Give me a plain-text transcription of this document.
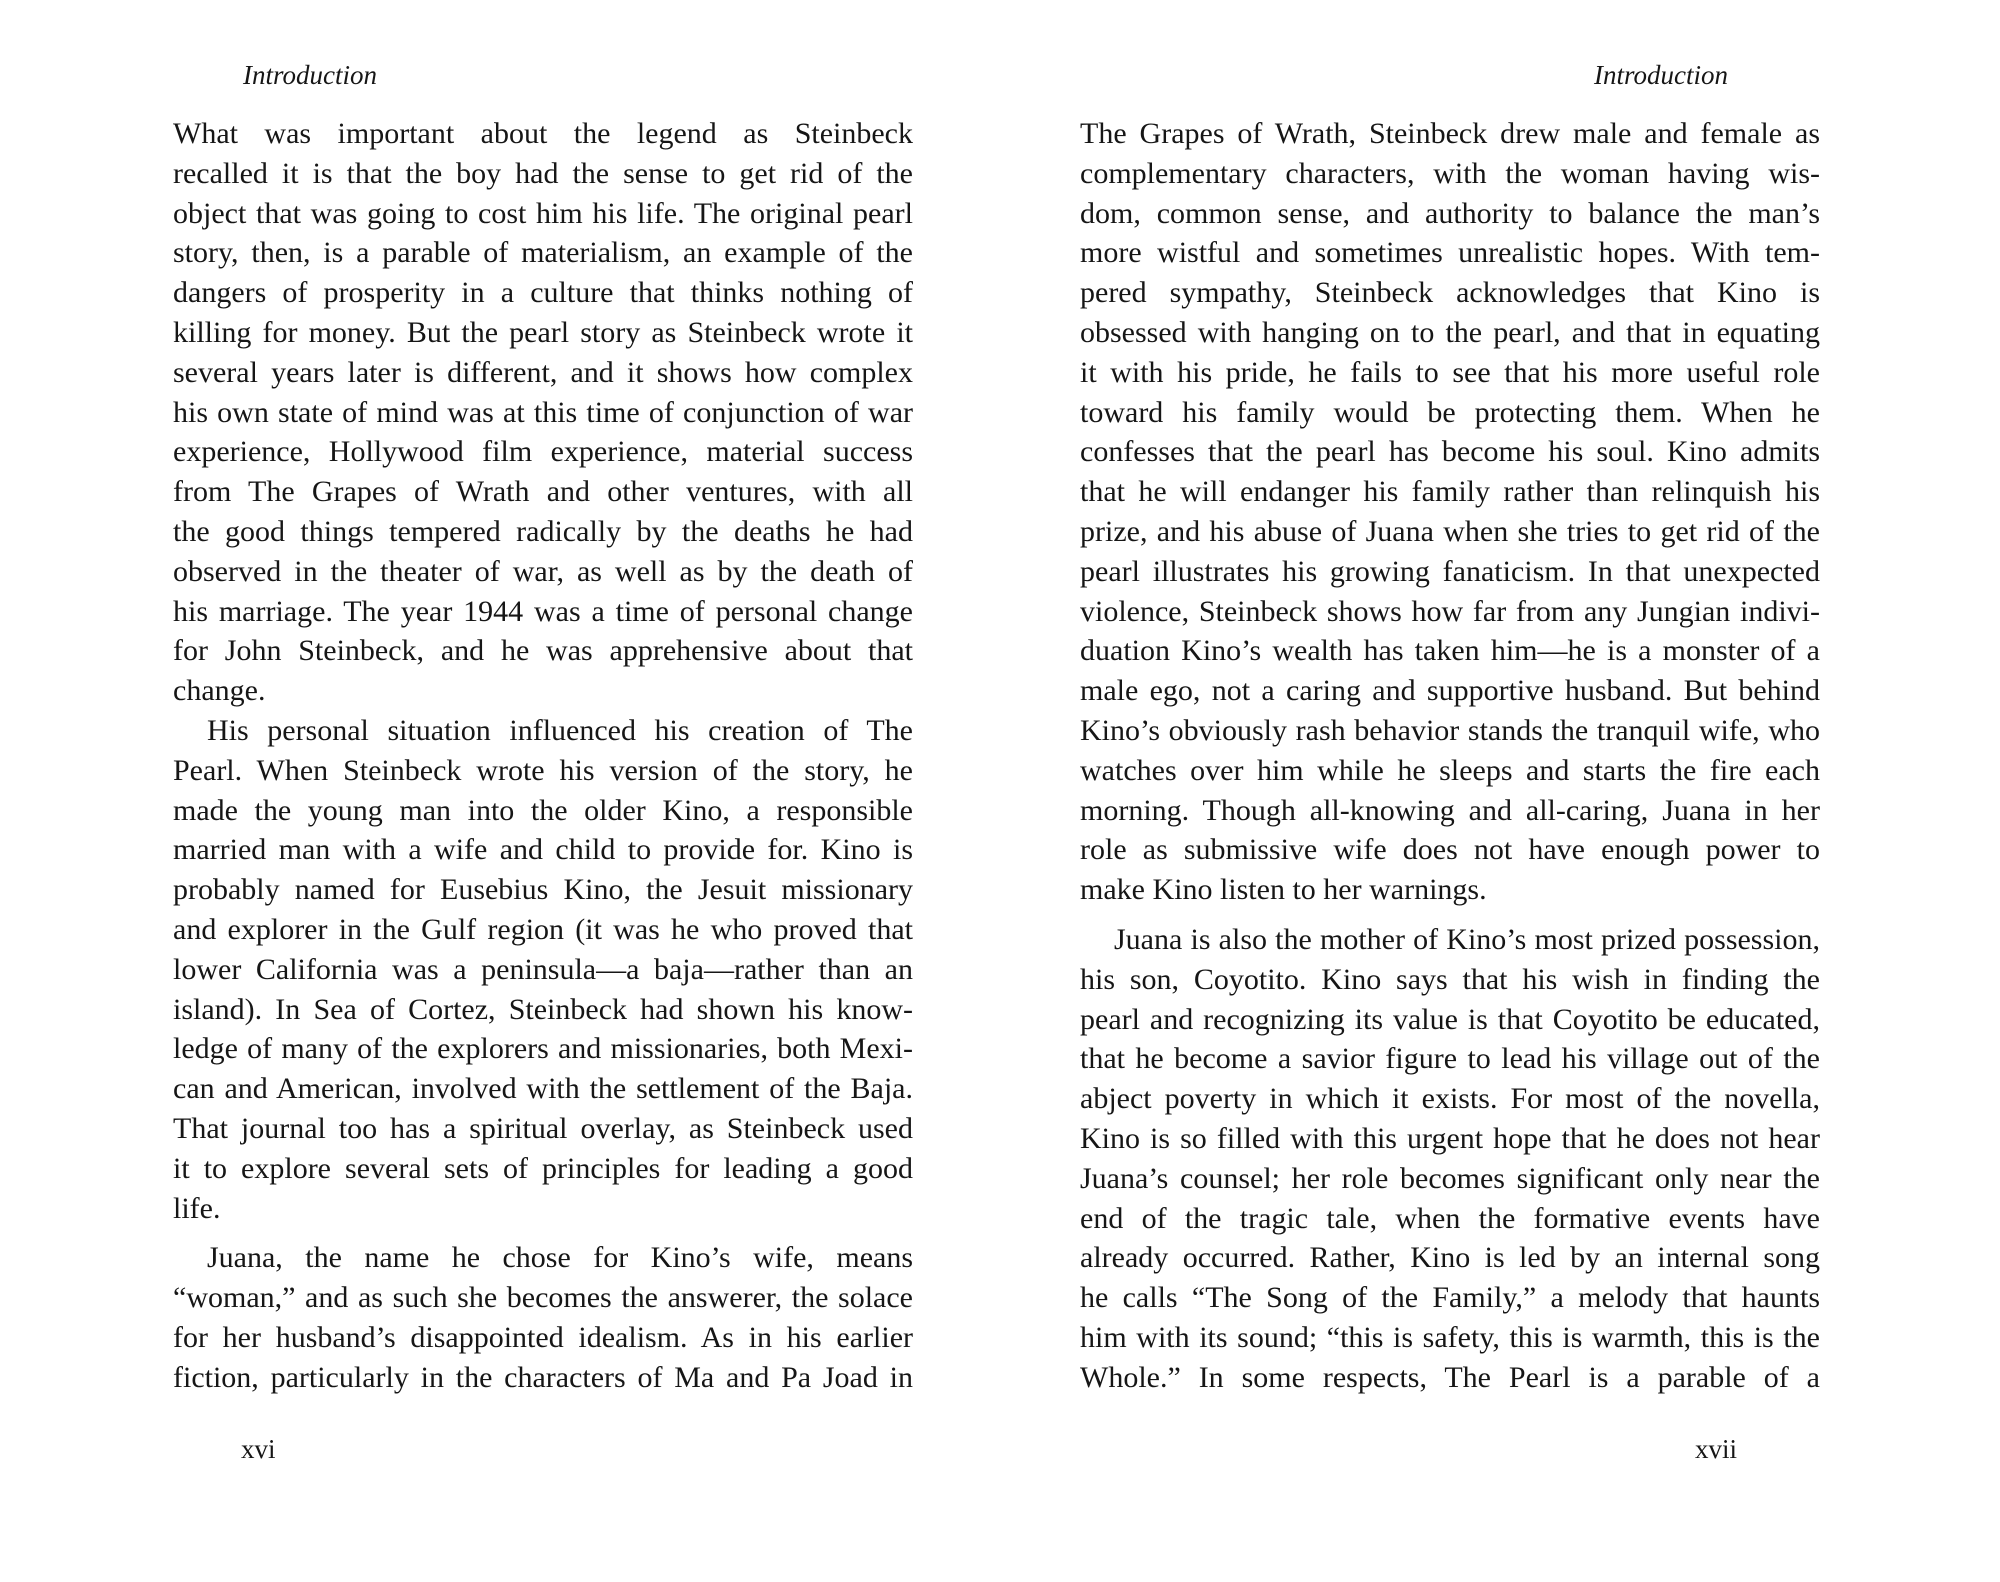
Introduction
What was important about the legend as Steinbeck
recalled it is that the boy had the sense to get rid of the
object that was going to cost him his life. The original pearl
story, then, is a parable of materialism, an example of the
dangers of prosperity in a culture that thinks nothing of
killing for money. But the pearl story as Steinbeck wrote it
several years later is different, and it shows how complex
his own state of mind was at this time of conjunction of war
experience, Hollywood film experience, material success
from The Grapes of Wrath and other ventures, with all
the good things tempered radically by the deaths he had
observed in the theater of war, as well as by the death of
his marriage. The year 1944 was a time of personal change
for John Steinbeck, and he was apprehensive about that
change.
His personal situation influenced his creation of The
Pearl. When Steinbeck wrote his version of the story, he
made the young man into the older Kino, a responsible
married man with a wife and child to provide for. Kino is
probably named for Eusebius Kino, the Jesuit missionary
and explorer in the Gulf region (it was he who proved that
lower California was a peninsula—a baja—rather than an
island). In Sea of Cortez, Steinbeck had shown his know-
ledge of many of the explorers and missionaries, both Mexi-
can and American, involved with the settlement of the Baja.
That journal too has a spiritual overlay, as Steinbeck used
it to explore several sets of principles for leading a good
life.
Juana, the name he chose for Kino’s wife, means
“woman,” and as such she becomes the answerer, the solace
for her husband’s disappointed idealism. As in his earlier
fiction, particularly in the characters of Ma and Pa Joad in
xvi
Introduction
The Grapes of Wrath, Steinbeck drew male and female as
complementary characters, with the woman having wis-
dom, common sense, and authority to balance the man’s
more wistful and sometimes unrealistic hopes. With tem-
pered sympathy, Steinbeck acknowledges that Kino is
obsessed with hanging on to the pearl, and that in equating
it with his pride, he fails to see that his more useful role
toward his family would be protecting them. When he
confesses that the pearl has become his soul. Kino admits
that he will endanger his family rather than relinquish his
prize, and his abuse of Juana when she tries to get rid of the
pearl illustrates his growing fanaticism. In that unexpected
violence, Steinbeck shows how far from any Jungian indivi-
duation Kino’s wealth has taken him—he is a monster of a
male ego, not a caring and supportive husband. But behind
Kino’s obviously rash behavior stands the tranquil wife, who
watches over him while he sleeps and starts the fire each
morning. Though all-knowing and all-caring, Juana in her
role as submissive wife does not have enough power to
make Kino listen to her warnings.
Juana is also the mother of Kino’s most prized possession,
his son, Coyotito. Kino says that his wish in finding the
pearl and recognizing its value is that Coyotito be educated,
that he become a savior figure to lead his village out of the
abject poverty in which it exists. For most of the novella,
Kino is so filled with this urgent hope that he does not hear
Juana’s counsel; her role becomes significant only near the
end of the tragic tale, when the formative events have
already occurred. Rather, Kino is led by an internal song
he calls “The Song of the Family,” a melody that haunts
him with its sound; “this is safety, this is warmth, this is the
Whole.” In some respects, The Pearl is a parable of a
xvii
